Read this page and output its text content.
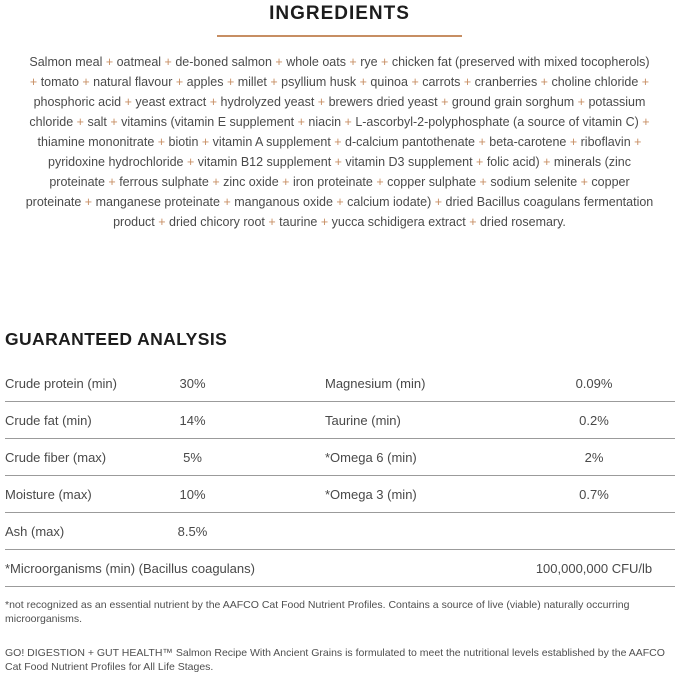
INGREDIENTS

Salmon meal + oatmeal + de-boned salmon + whole oats + rye + chicken fat (preserved with mixed tocopherols) + tomato + natural flavour + apples + millet + psyllium husk + quinoa + carrots + cranberries + choline chloride + phosphoric acid + yeast extract + hydrolyzed yeast + brewers dried yeast + ground grain sorghum + potassium chloride + salt + vitamins (vitamin E supplement + niacin + L-ascorbyl-2-polyphosphate (a source of vitamin C) + thiamine mononitrate + biotin + vitamin A supplement + d-calcium pantothenate + beta-carotene + riboflavin + pyridoxine hydrochloride + vitamin B12 supplement + vitamin D3 supplement + folic acid) + minerals (zinc proteinate + ferrous sulphate + zinc oxide + iron proteinate + copper sulphate + sodium selenite + copper proteinate + manganese proteinate + manganous oxide + calcium iodate) + dried Bacillus coagulans fermentation product + dried chicory root + taurine + yucca schidigera extract + dried rosemary.

GUARANTEED ANALYSIS
Crude protein (min)	30%	Magnesium (min)	0.09%
Crude fat (min)	14%	Taurine (min)	0.2%
Crude fiber (max)	5%	*Omega 6 (min)	2%
Moisture (max)	10%	*Omega 3 (min)	0.7%
Ash (max)	8.5%
*Microorganisms (min) (Bacillus coagulans)	100,000,000 CFU/lb

*not recognized as an essential nutrient by the AAFCO Cat Food Nutrient Profiles. Contains a source of live (viable) naturally occurring microorganisms.

GO! DIGESTION + GUT HEALTH™ Salmon Recipe With Ancient Grains is formulated to meet the nutritional levels established by the AAFCO Cat Food Nutrient Profiles for All Life Stages.
